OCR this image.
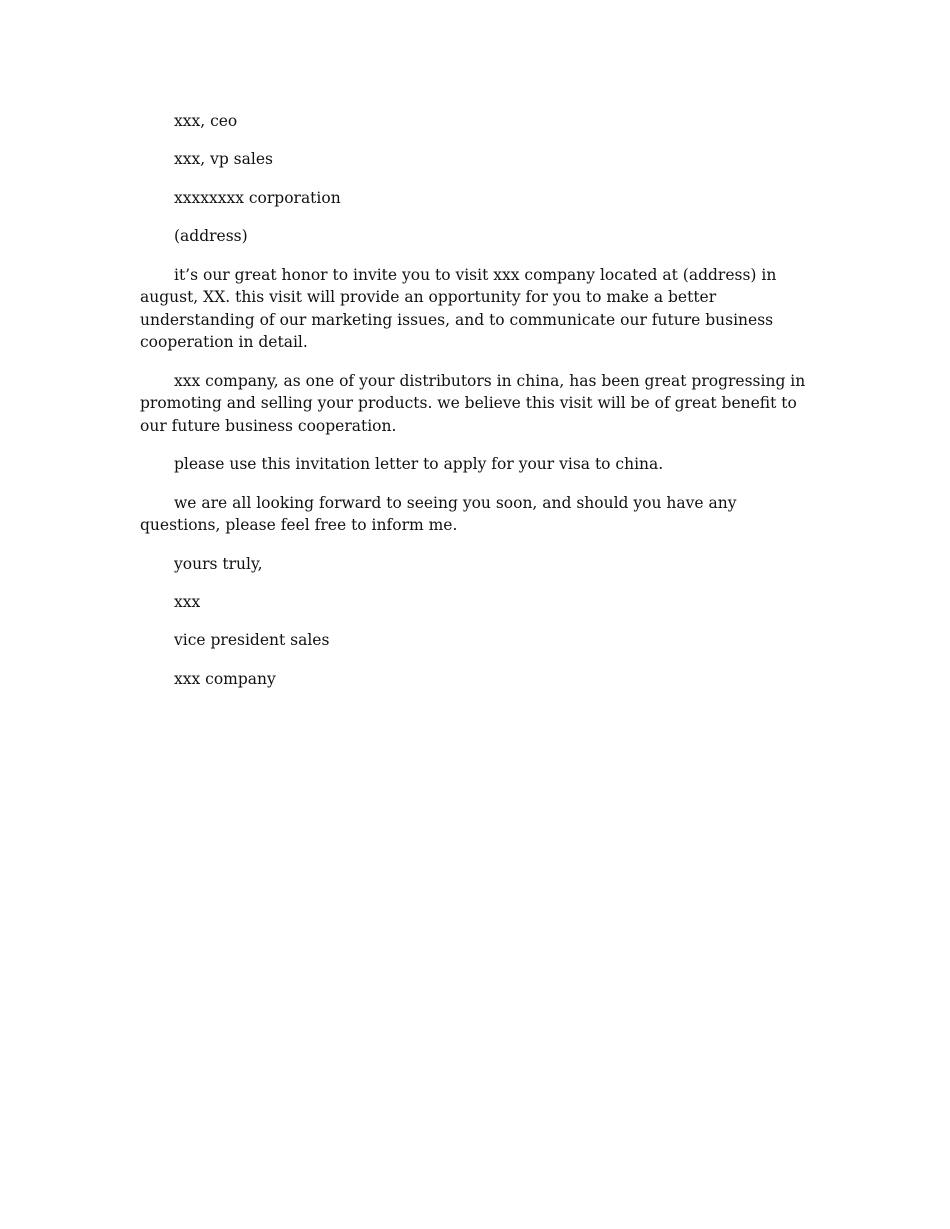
xxx, ceo

xxx, vp sales

xxxxxxxx corporation

(address)

it’s our great honor to invite you to visit xxx company located at (address) in august, XX. this visit will provide an opportunity for you to make a better understanding of our marketing issues, and to communicate our future business cooperation in detail.

xxx company, as one of your distributors in china, has been great progressing in promoting and selling your products. we believe this visit will be of great benefit to our future business cooperation.

please use this invitation letter to apply for your visa to china.

we are all looking forward to seeing you soon, and should you have any questions, please feel free to inform me.

yours truly,

xxx

vice president sales

xxx company
